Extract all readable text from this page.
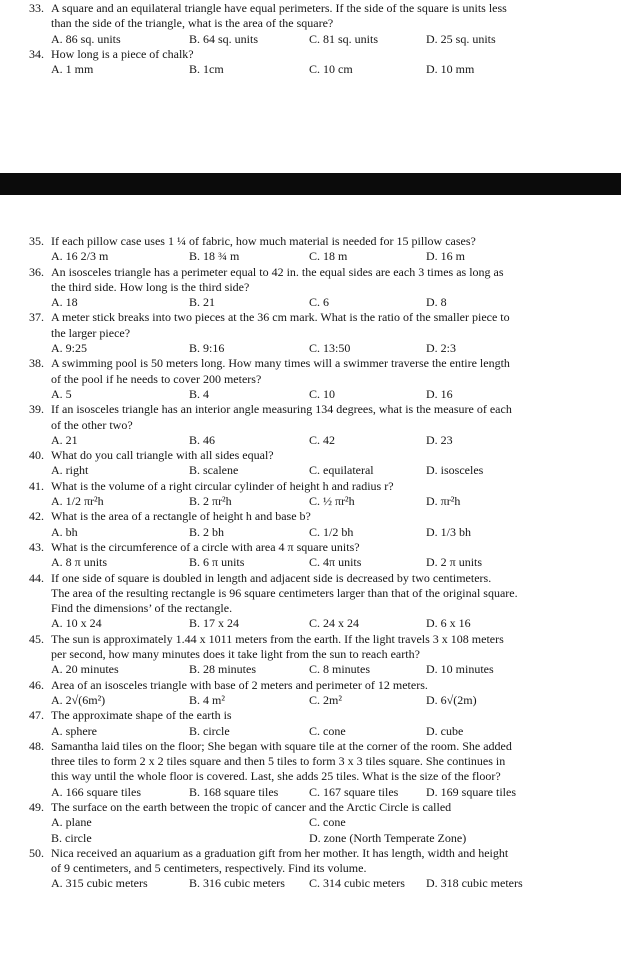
33. A square and an equilateral triangle have equal perimeters. If the side of the square is units less
than the side of the triangle, what is the area of the square?
A. 86 sq. units	B. 64 sq. units	C. 81 sq. units	D. 25 sq. units
34. How long is a piece of chalk?
A. 1 mm	B. 1cm	C. 10 cm	D. 10 mm
35. If each pillow case uses 1 ¼ of fabric, how much material is needed for 15 pillow cases?
A. 16 2/3 m	B. 18 ¾ m	C. 18 m	D. 16 m
36. An isosceles triangle has a perimeter equal to 42 in. the equal sides are each 3 times as long as
the third side. How long is the third side?
A. 18	B. 21	C. 6	D. 8
37. A meter stick breaks into two pieces at the 36 cm mark. What is the ratio of the smaller piece to
the larger piece?
A. 9:25	B. 9:16	C. 13:50	D. 2:3
38. A swimming pool is 50 meters long. How many times will a swimmer traverse the entire length
of the pool if he needs to cover 200 meters?
A. 5	B. 4	C. 10	D. 16
39. If an isosceles triangle has an interior angle measuring 134 degrees, what is the measure of each
of the other two?
A. 21	B. 46	C. 42	D. 23
40. What do you call triangle with all sides equal?
A. right	B. scalene	C. equilateral	D. isosceles
41. What is the volume of a right circular cylinder of height h and radius r?
A. 1/2 πr²h	B. 2 πr²h	C. ½ πr²h	D. πr²h
42. What is the area of a rectangle of height h and base b?
A. bh	B. 2 bh	C. 1/2 bh	D. 1/3 bh
43. What is the circumference of a circle with area 4 π square units?
A. 8 π units	B. 6 π units	C. 4π units	D. 2 π units
44. If one side of square is doubled in length and adjacent side is decreased by two centimeters.
The area of the resulting rectangle is 96 square centimeters larger than that of the original square.
Find the dimensions’ of the rectangle.
A. 10 x 24	B. 17 x 24	C. 24 x 24	D. 6 x 16
45. The sun is approximately 1.44 x 1011 meters from the earth. If the light travels 3 x 108 meters
per second, how many minutes does it take light from the sun to reach earth?
A. 20 minutes	B. 28 minutes	C. 8 minutes	D. 10 minutes
46. Area of an isosceles triangle with base of 2 meters and perimeter of 12 meters.
A. 2√(6m²)	B. 4 m²	C. 2m²	D. 6√(2m)
47. The approximate shape of the earth is
A. sphere	B. circle	C. cone	D. cube
48. Samantha laid tiles on the floor; She began with square tile at the corner of the room. She added
three tiles to form 2 x 2 tiles square and then 5 tiles to form 3 x 3 tiles square. She continues in
this way until the whole floor is covered. Last, she adds 25 tiles. What is the size of the floor?
A. 166 square tiles	B. 168 square tiles	C. 167 square tiles D. 169 square tiles
49. The surface on the earth between the tropic of cancer and the Arctic Circle is called
A. plane	C. cone
B. circle	D. zone (North Temperate Zone)
50. Nica received an aquarium as a graduation gift from her mother. It has length, width and height
of 9 centimeters, and 5 centimeters, respectively. Find its volume.
A. 315 cubic meters	B. 316 cubic meters C. 314 cubic meters D. 318 cubic meters
